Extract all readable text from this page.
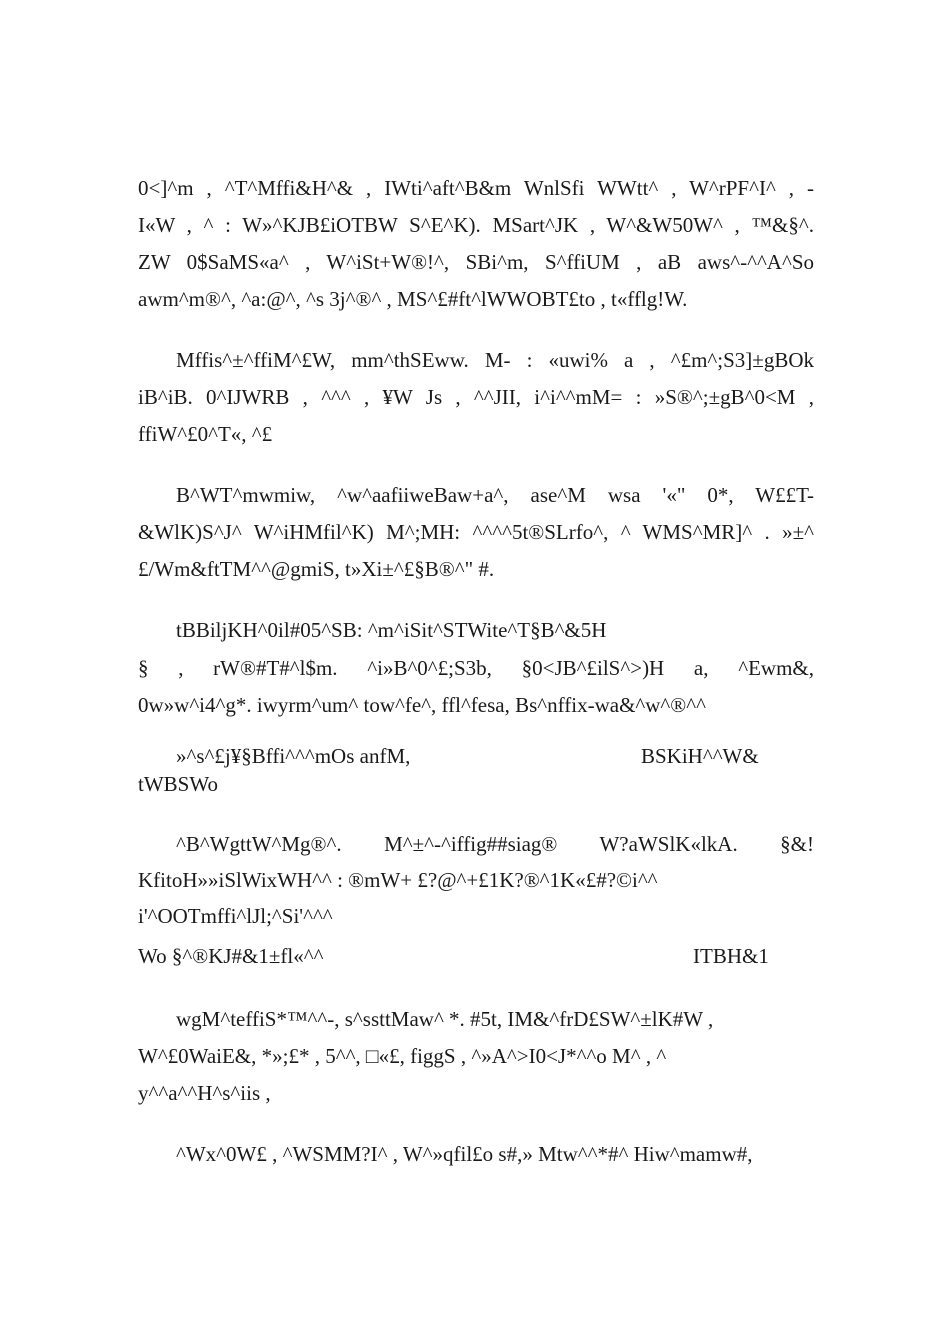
0<]^m , ^T^Mffi&H^& , IWti^aft^B&m WnlSfi WWtt^ , W^rPF^I^ , -
I«W , ^ : W»^KJB£iOTBW S^E^K). MSart^JK , W^&W50W^ , ™&§^.
ZW 0$SaMS«a^ , W^iSt+W®!^, SBi^m, S^ffiUM , aB aws^-^^A^So
awm^m®^, ^a:@^, ^s 3j^®^ , MS^£#ft^lWWOBT£to , t«fflg!W.
Mffis^±^ffiM^£W, mm^thSEww. M- : «uwi% a , ^£m^;S3]±gBOk
iB^iB. 0^IJWRB , ^^^ , ¥W Js , ^^JII, i^i^^mM= : »S®^;±gB^0<M ,
ffiW^£0^T«, ^£
B^WT^mwmiw, ^w^aafiiweBaw+a^, ase^M wsa '«" 0*, W££T-
&WlK)S^J^ W^iHMfil^K) M^;MH: ^^^^5t®SLrfo^, ^ WMS^MR]^ . »±^
£/Wm&ftTM^^@gmiS, t»Xi±^£§B®^" #.
tBBiljKH^0il#05^SB: ^m^iSit^STWite^T§B^&5H
§ , rW®#T#^l$m. ^i»B^0^£;S3b, §0<JB^£ilS^>)H a, ^Ewm&,
0w»w^i4^g*. iwyrm^um^ tow^fe^, ffl^fesa, Bs^nffix-wa&^w^®^^
»^s^£j¥§Bffi^^^mOs anfM,	BSKiH^^W&
tWBSWo
^B^WgttW^Mg®^. M^±^-^iffig##siag® W?aWSlK«lkA. §&!
KfitoH»»iSlWixWH^^ : ®mW+ £?@^+£1K?®^1K«£#?©i^^
i'^OOTmffi^lJl;^Si'^^^
Wo §^®KJ#&1±fl«^^	ITBH&1
wgM^teffiS*™^^-, s^ssttMaw^ *. #5t, IM&^frD£SW^±lK#W ,
W^£0WaiE&, *»;£* , 5^^, □«£, figgS , ^»A^>I0<J*^^o M^ , ^
y^^a^^H^s^iis ,
^Wx^0W£ , ^WSMM?I^ , W^»qfil£o s#,» Mtw^^*#^ Hiw^mamw#,
